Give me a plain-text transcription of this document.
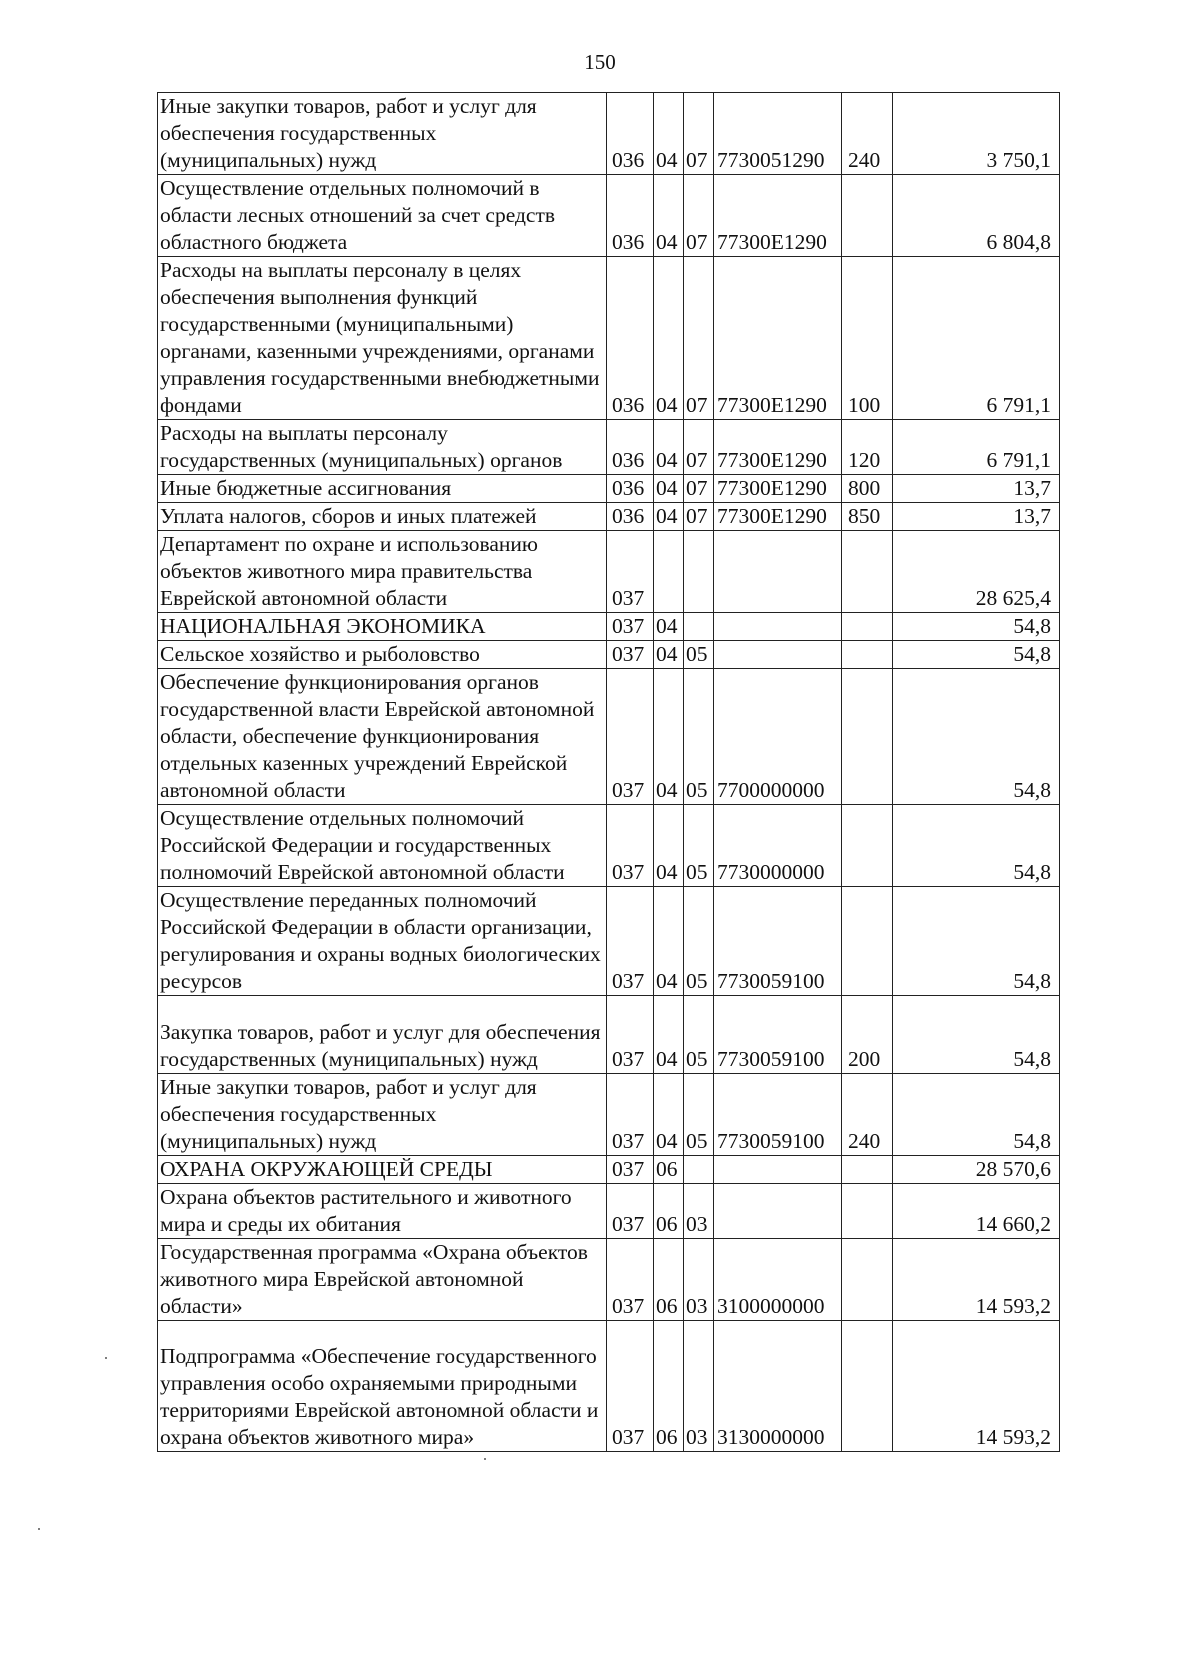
150
Иные закупки товаров, работ и услуг для обеспечения государственных (муниципальных) нужд	036	04	07	7730051290	240	3 750,1
Осуществление отдельных полномочий в области лесных отношений за счет средств областного бюджета	036	04	07	77300E1290		6 804,8
Расходы на выплаты персоналу в целях обеспечения выполнения функций государственными (муниципальными) органами, казенными учреждениями, органами управления государственными внебюджетными фондами	036	04	07	77300E1290	100	6 791,1
Расходы на выплаты персоналу государственных (муниципальных) органов	036	04	07	77300E1290	120	6 791,1
Иные бюджетные ассигнования	036	04	07	77300E1290	800	13,7
Уплата налогов, сборов и иных платежей	036	04	07	77300E1290	850	13,7
Департамент по охране и использованию объектов животного мира правительства Еврейской автономной области	037					28 625,4
НАЦИОНАЛЬНАЯ ЭКОНОМИКА	037	04				54,8
Сельское хозяйство и рыболовство	037	04	05			54,8
Обеспечение функционирования органов государственной власти Еврейской автономной области, обеспечение функционирования отдельных казенных учреждений Еврейской автономной области	037	04	05	7700000000		54,8
Осуществление отдельных полномочий Российской Федерации и государственных полномочий Еврейской автономной области	037	04	05	7730000000		54,8
Осуществление переданных полномочий Российской Федерации в области организации, регулирования и охраны водных биологических ресурсов	037	04	05	7730059100		54,8
Закупка товаров, работ и услуг для обеспечения государственных (муниципальных) нужд	037	04	05	7730059100	200	54,8
Иные закупки товаров, работ и услуг для обеспечения государственных (муниципальных) нужд	037	04	05	7730059100	240	54,8
ОХРАНА ОКРУЖАЮЩЕЙ СРЕДЫ	037	06				28 570,6
Охрана объектов растительного и животного мира и среды их обитания	037	06	03			14 660,2
Государственная программа «Охрана объектов животного мира Еврейской автономной области»	037	06	03	3100000000		14 593,2
Подпрограмма «Обеспечение государственного управления особо охраняемыми природными территориями Еврейской автономной области и охрана объектов животного мира»	037	06	03	3130000000		14 593,2
